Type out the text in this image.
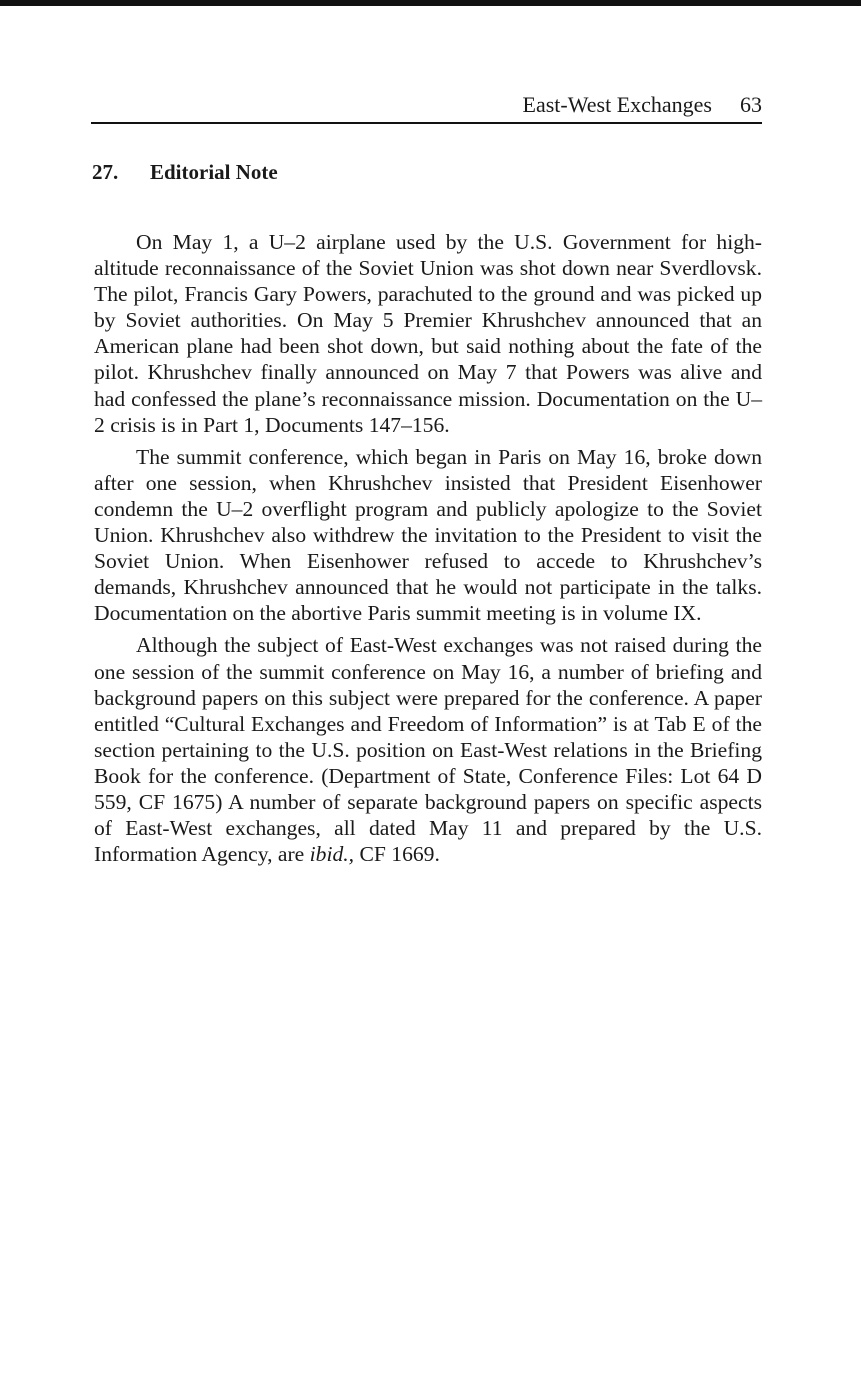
East-West Exchanges 63
27. Editorial Note

On May 1, a U–2 airplane used by the U.S. Government for high-altitude reconnaissance of the Soviet Union was shot down near Sverdlovsk. The pilot, Francis Gary Powers, parachuted to the ground and was picked up by Soviet authorities. On May 5 Premier Khrushchev announced that an American plane had been shot down, but said nothing about the fate of the pilot. Khrushchev finally announced on May 7 that Powers was alive and had confessed the plane’s reconnaissance mission. Documentation on the U–2 crisis is in Part 1, Documents 147–156.

The summit conference, which began in Paris on May 16, broke down after one session, when Khrushchev insisted that President Eisenhower condemn the U–2 overflight program and publicly apologize to the Soviet Union. Khrushchev also withdrew the invitation to the President to visit the Soviet Union. When Eisenhower refused to accede to Khrushchev’s demands, Khrushchev announced that he would not participate in the talks. Documentation on the abortive Paris summit meeting is in volume IX.

Although the subject of East-West exchanges was not raised during the one session of the summit conference on May 16, a number of briefing and background papers on this subject were prepared for the conference. A paper entitled “Cultural Exchanges and Freedom of Information” is at Tab E of the section pertaining to the U.S. position on East-West relations in the Briefing Book for the conference. (Department of State, Conference Files: Lot 64 D 559, CF 1675) A number of separate background papers on specific aspects of East-West exchanges, all dated May 11 and prepared by the U.S. Information Agency, are ibid., CF 1669.
